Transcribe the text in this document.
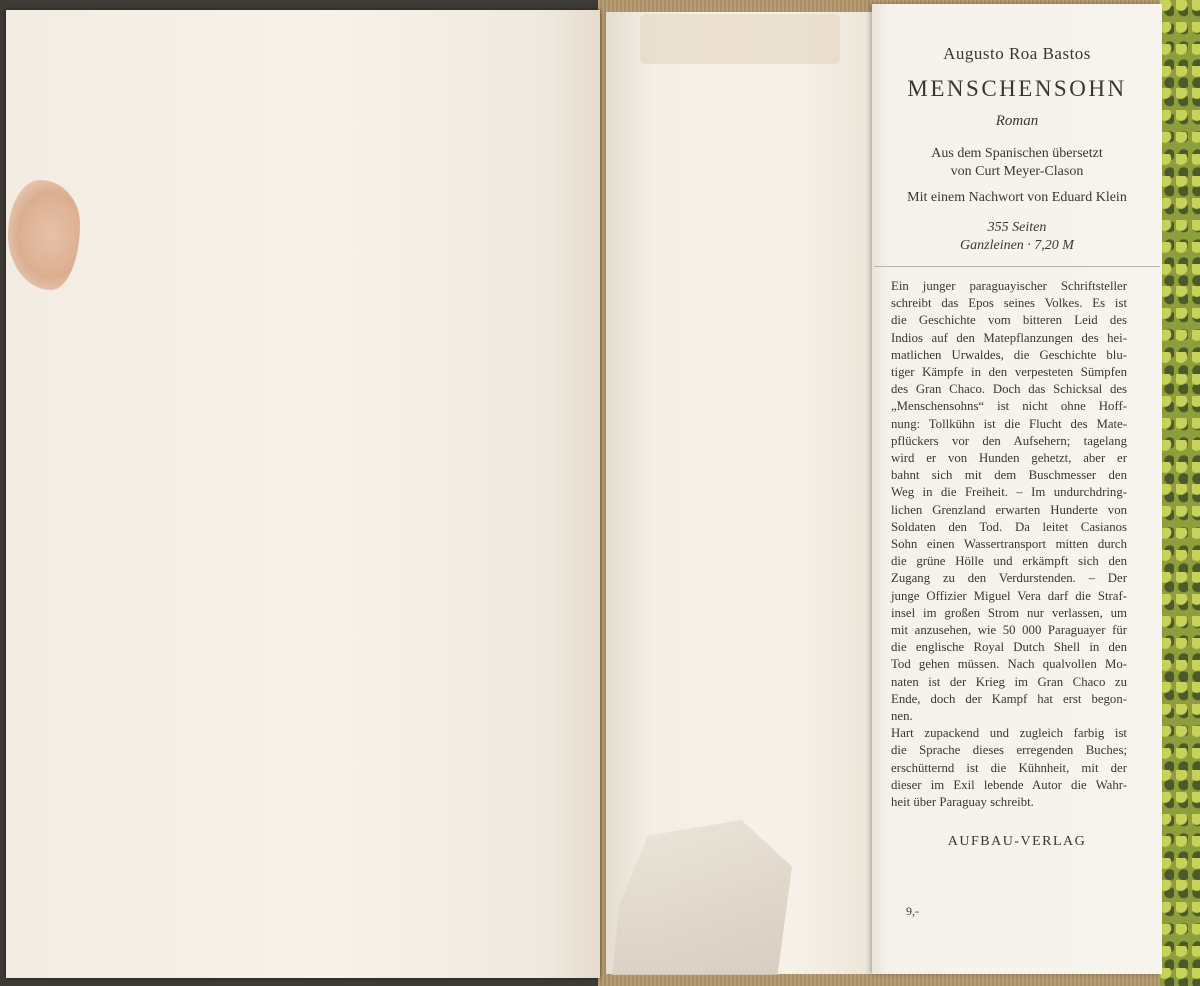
Augusto Roa Bastos
MENSCHENSOHN
Roman
Aus dem Spanischen übersetzt
von Curt Meyer-Clason
Mit einem Nachwort von Eduard Klein
355 Seiten
Ganzleinen · 7,20 M
Ein junger paraguayischer Schriftsteller
schreibt das Epos seines Volkes. Es ist
die Geschichte vom bitteren Leid des
Indios auf den Matepflanzungen des hei-
matlichen Urwaldes, die Geschichte blu-
tiger Kämpfe in den verpesteten Sümpfen
des Gran Chaco. Doch das Schicksal des
„Menschensohns“ ist nicht ohne Hoff-
nung: Tollkühn ist die Flucht des Mate-
pflückers vor den Aufsehern; tagelang
wird er von Hunden gehetzt, aber er
bahnt sich mit dem Buschmesser den
Weg in die Freiheit. – Im undurchdring-
lichen Grenzland erwarten Hunderte von
Soldaten den Tod. Da leitet Casianos
Sohn einen Wassertransport mitten durch
die grüne Hölle und erkämpft sich den
Zugang zu den Verdurstenden. – Der
junge Offizier Miguel Vera darf die Straf-
insel im großen Strom nur verlassen, um
mit anzusehen, wie 50 000 Paraguayer für
die englische Royal Dutch Shell in den
Tod gehen müssen. Nach qualvollen Mo-
naten ist der Krieg im Gran Chaco zu
Ende, doch der Kampf hat erst begon-
nen.
Hart zupackend und zugleich farbig ist
die Sprache dieses erregenden Buches;
erschütternd ist die Kühnheit, mit der
dieser im Exil lebende Autor die Wahr-
heit über Paraguay schreibt.
AUFBAU-VERLAG
9,-
